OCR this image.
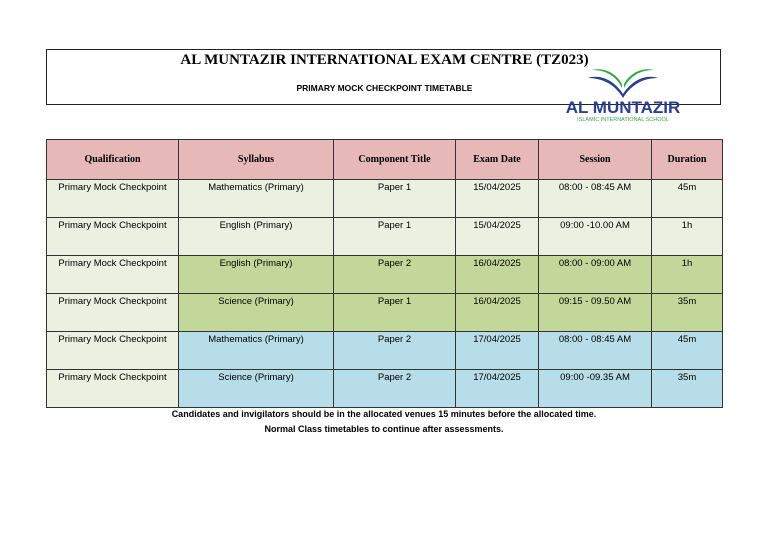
AL MUNTAZIR INTERNATIONAL EXAM CENTRE (TZ023)
PRIMARY MOCK CHECKPOINT TIMETABLE
AL MUNTAZIR
ISLAMIC INTERNATIONAL SCHOOL
Qualification	Syllabus	Component Title	Exam Date	Session	Duration
Primary Mock Checkpoint	Mathematics (Primary)	Paper 1	15/04/2025	08:00 - 08:45 AM	45m
Primary Mock Checkpoint	English (Primary)	Paper 1	15/04/2025	09:00 -10.00 AM	1h
Primary Mock Checkpoint	English (Primary)	Paper 2	16/04/2025	08:00 - 09:00 AM	1h
Primary Mock Checkpoint	Science (Primary)	Paper 1	16/04/2025	09:15 - 09.50 AM	35m
Primary Mock Checkpoint	Mathematics (Primary)	Paper 2	17/04/2025	08:00 - 08:45 AM	45m
Primary Mock Checkpoint	Science (Primary)	Paper 2	17/04/2025	09:00 -09.35 AM	35m
Candidates and invigilators should be in the allocated venues 15 minutes before the allocated time.
Normal Class timetables to continue after assessments.
